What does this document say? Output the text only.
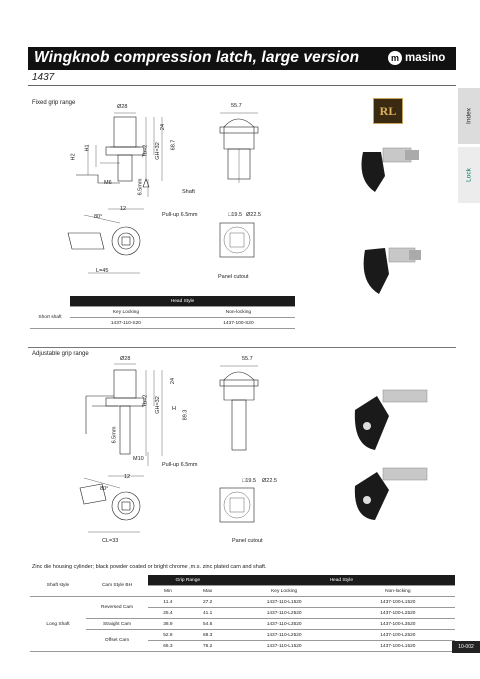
Wingknob compression latch, large version	m masino
1437
Index
Lock
RL
Fixed grip range
Ø28	55.7
24
68.7
Tb=2 GH=32
H2
H1
M6	6.5mm	Shaft
Pull-up 6.5mm	□19.5 Ø22.5
12
80°
L=45
Panel cutout
	Head Style	
Short shaft	Key Locking	Non-locking
	1437-110-S20	1437-100-S20
Adjustable grip range
Ø28	55.7
24
Tb=2 GH=32 H
89.3
6.5mm
M10
Pull-up 6.5mm
□19.5 Ø22.5
12
80°
CL=33	Panel cutout
Zinc die housing cylinder; black powder coated or bright chrome ,m.s. zinc plated cam and shaft.
Shaft style	Cam Style BH	Grip Range		Head Style	
		Min	Max	Key Locking	Non-locking
Long Shaft	Reversed Cam	11.4	27.2	1437-110-L1520	1437-100-L1520
		25.4	41.1	1437-110-L2520	1437-100-L2520
	Straight Cam	38.9	54.6	1437-110-L3520	1437-100-L3520
	Offset Cam	52.8	68.3	1437-110-L2520	1437-100-L2520
		66.3	76.2	1437-110-L1520	1437-100-L1520	10-002
